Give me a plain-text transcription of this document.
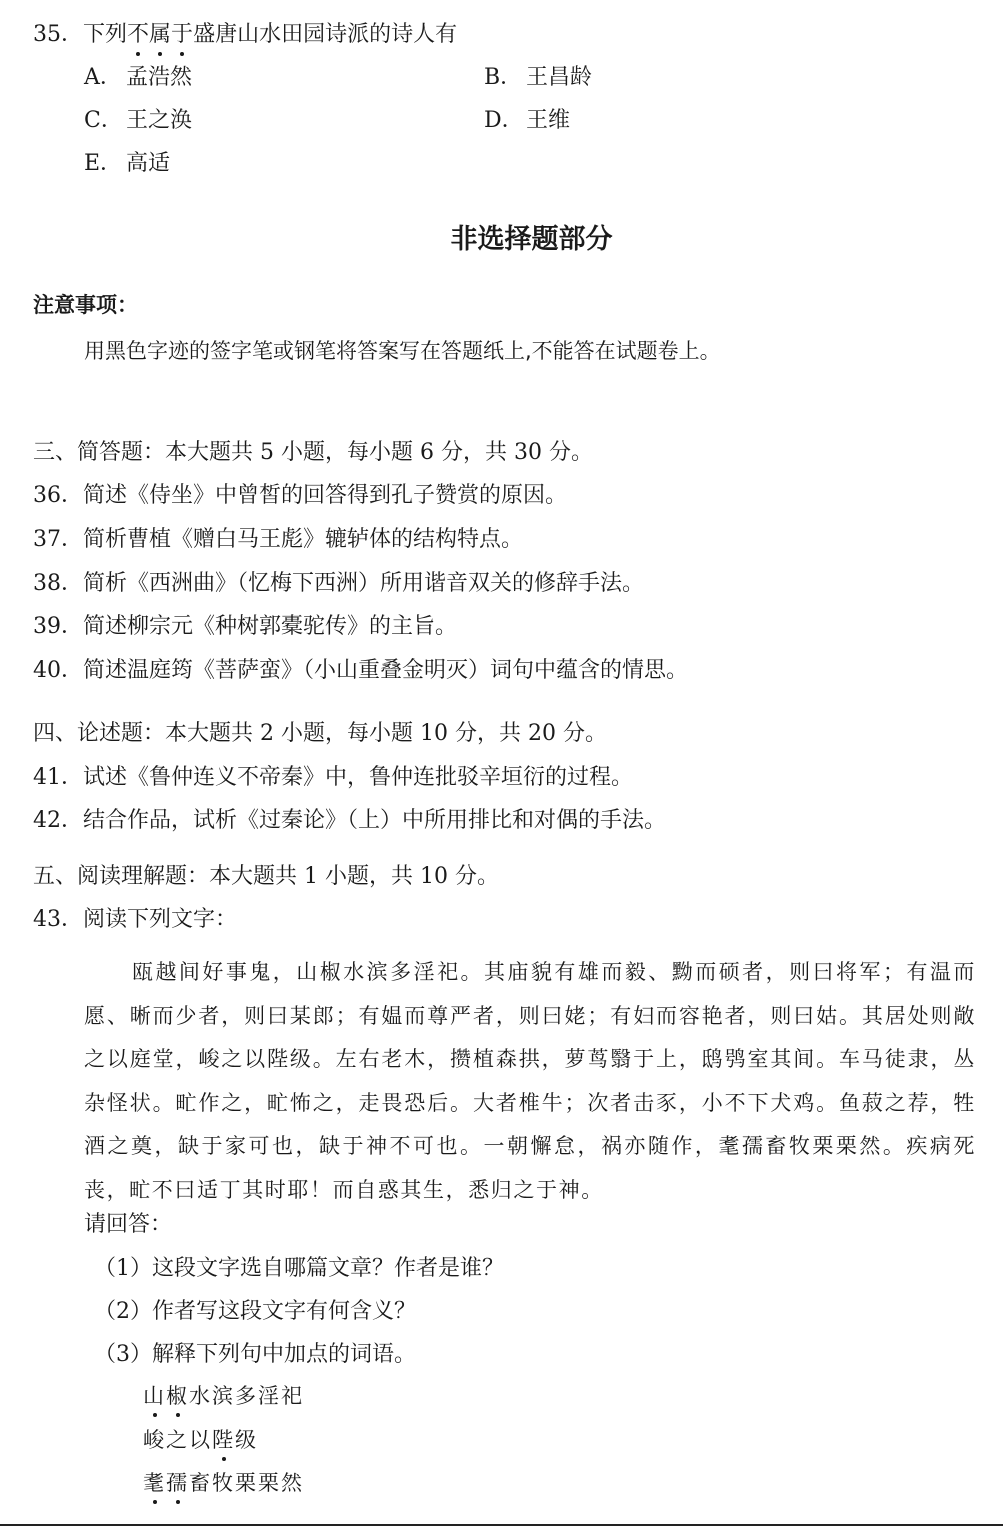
35．下列不属于盛唐山水田园诗派的诗人有
A． 孟浩然	B． 王昌龄
C． 王之涣	D． 王维
E． 高适
非选择题部分
注意事项：
用黑色字迹的签字笔或钢笔将答案写在答题纸上,不能答在试题卷上。
三、简答题：本大题共 5 小题，每小题 6 分，共 30 分。
36．简述《侍坐》中曾皙的回答得到孔子赞赏的原因。
37．简析曹植《赠白马王彪》辘轳体的结构特点。
38．简析《西洲曲》（忆梅下西洲）所用谐音双关的修辞手法。
39．简述柳宗元《种树郭橐驼传》的主旨。
40．简述温庭筠《菩萨蛮》（小山重叠金明灭）词句中蕴含的情思。
四、论述题：本大题共 2 小题，每小题 10 分，共 20 分。
41．试述《鲁仲连义不帝秦》中，鲁仲连批驳辛垣衍的过程。
42．结合作品，试析《过秦论》（上）中所用排比和对偶的手法。
五、阅读理解题：本大题共 1 小题，共 10 分。
43．阅读下列文字：

瓯越间好事鬼，山椒水滨多淫祀。其庙貌有雄而毅、黝而硕者，则曰将军；有温而愿、晰而少者，则曰某郎；有媪而尊严者，则曰姥；有妇而容艳者，则曰姑。其居处则敞之以庭堂，峻之以陛级。左右老木，攒植森拱，萝茑翳于上，鸱鸮室其间。车马徒隶，丛杂怪状。甿作之，甿怖之，走畏恐后。大者椎牛；次者击豕，小不下犬鸡。鱼菽之荐，牲酒之奠，缺于家可也，缺于神不可也。一朝懈怠，祸亦随作，耄孺畜牧栗栗然。疾病死丧，甿不曰适丁其时耶！而自惑其生，悉归之于神。

请回答：
（1）这段文字选自哪篇文章？作者是谁？
（2）作者写这段文字有何含义？
（3）解释下列句中加点的词语。
山椒水滨多淫祀
峻之以陛级
耄孺畜牧栗栗然
